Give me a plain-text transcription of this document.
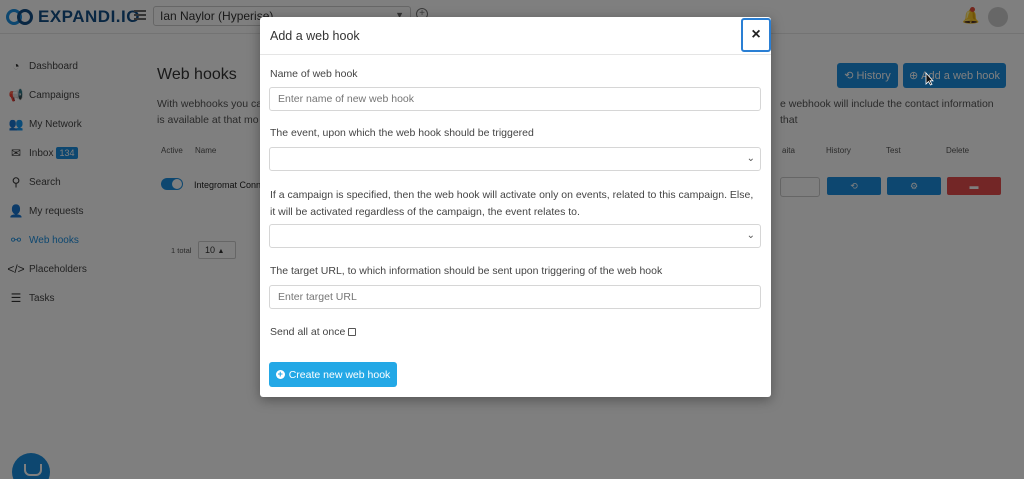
Add a web hook	×
Name of web hook
Enter name of new web hook
The event, upon which the web hook should be triggered
⌄
If a campaign is specified, then the web hook will activate only on events, related to this campaign. Else, it will be activated regardless of the campaign, the event relates to.
⌄
The target URL, to which information should be sent upon triggering of the web hook
Enter target URL
Send all at once
+ Create new web hook
